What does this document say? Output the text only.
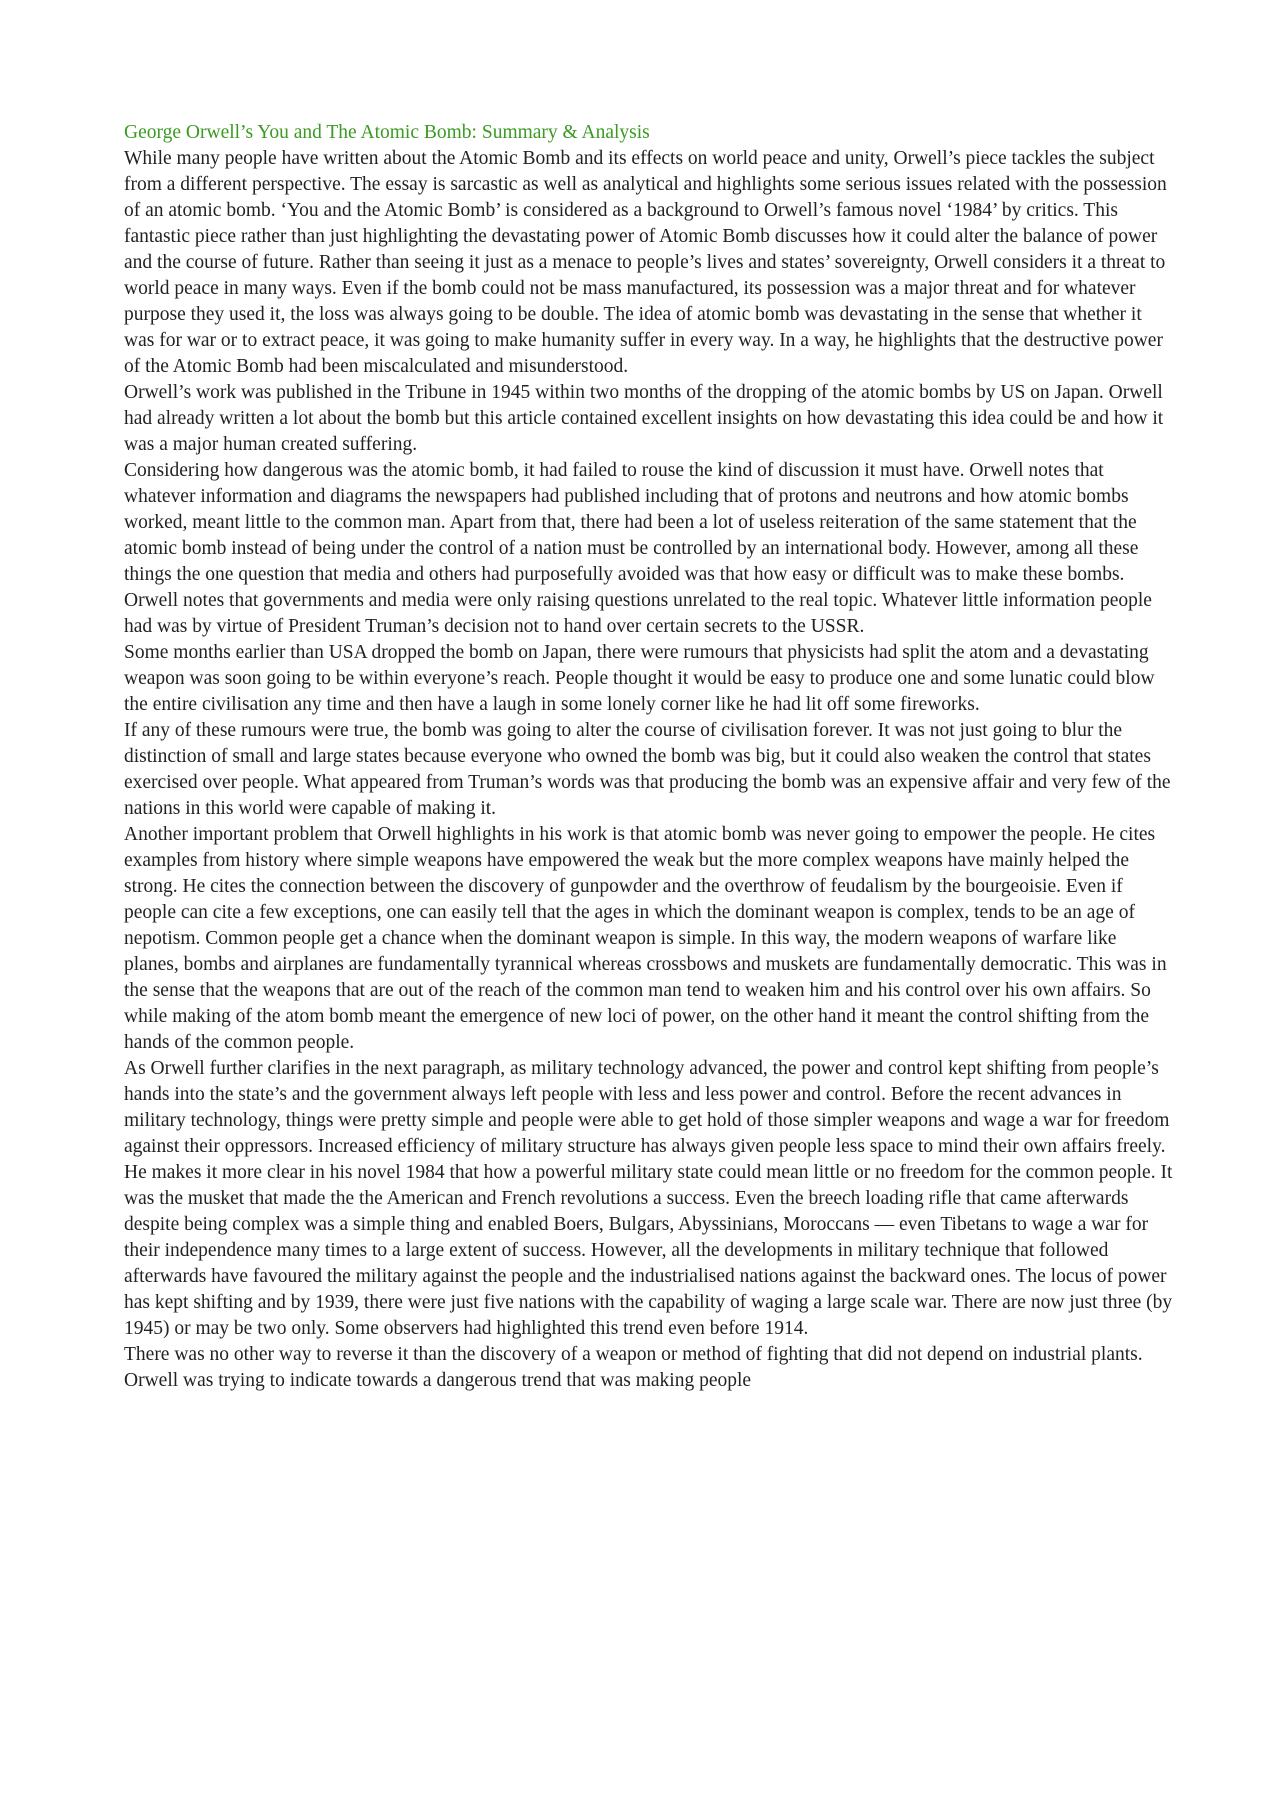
George Orwell’s You and The Atomic Bomb: Summary & Analysis

While many people have written about the Atomic Bomb and its effects on world peace and unity, Orwell’s piece tackles the subject from a different perspective. The essay is sarcastic as well as analytical and highlights some serious issues related with the possession of an atomic bomb. ‘You and the Atomic Bomb’ is considered as a background to Orwell’s famous novel ‘1984’ by critics. This fantastic piece rather than just highlighting the devastating power of Atomic Bomb discusses how it could alter the balance of power and the course of future. Rather than seeing it just as a menace to people’s lives and states’ sovereignty, Orwell considers it a threat to world peace in many ways. Even if the bomb could not be mass manufactured, its possession was a major threat and for whatever purpose they used it, the loss was always going to be double. The idea of atomic bomb was devastating in the sense that whether it was for war or to extract peace, it was going to make humanity suffer in every way. In a way, he highlights that the destructive power of the Atomic Bomb had been miscalculated and misunderstood.

Orwell’s work was published in the Tribune in 1945 within two months of the dropping of the atomic bombs by US on Japan. Orwell had already written a lot about the bomb but this article contained excellent insights on how devastating this idea could be and how it was a major human created suffering.

Considering how dangerous was the atomic bomb, it had failed to rouse the kind of discussion it must have. Orwell notes that whatever information and diagrams the newspapers had published including that of protons and neutrons and how atomic bombs worked, meant little to the common man. Apart from that, there had been a lot of useless reiteration of the same statement that the atomic bomb instead of being under the control of a nation must be controlled by an international body. However, among all these things the one question that media and others had purposefully avoided was that how easy or difficult was to make these bombs. Orwell notes that governments and media were only raising questions unrelated to the real topic. Whatever little information people had was by virtue of President Truman’s decision not to hand over certain secrets to the USSR.

Some months earlier than USA dropped the bomb on Japan, there were rumours that physicists had split the atom and a devastating weapon was soon going to be within everyone’s reach. People thought it would be easy to produce one and some lunatic could blow the entire civilisation any time and then have a laugh in some lonely corner like he had lit off some fireworks.

If any of these rumours were true, the bomb was going to alter the course of civilisation forever. It was not just going to blur the distinction of small and large states because everyone who owned the bomb was big, but it could also weaken the control that states exercised over people. What appeared from Truman’s words was that producing the bomb was an expensive affair and very few of the nations in this world were capable of making it.

Another important problem that Orwell highlights in his work is that atomic bomb was never going to empower the people. He cites examples from history where simple weapons have empowered the weak but the more complex weapons have mainly helped the strong. He cites the connection between the discovery of gunpowder and the overthrow of feudalism by the bourgeoisie. Even if people can cite a few exceptions, one can easily tell that the ages in which the dominant weapon is complex, tends to be an age of nepotism. Common people get a chance when the dominant weapon is simple. In this way, the modern weapons of warfare like planes, bombs and airplanes are fundamentally tyrannical whereas crossbows and muskets are fundamentally democratic. This was in the sense that the weapons that are out of the reach of the common man tend to weaken him and his control over his own affairs. So while making of the atom bomb meant the emergence of new loci of power, on the other hand it meant the control shifting from the hands of the common people.

As Orwell further clarifies in the next paragraph, as military technology advanced, the power and control kept shifting from people’s hands into the state’s and the government always left people with less and less power and control. Before the recent advances in military technology, things were pretty simple and people were able to get hold of those simpler weapons and wage a war for freedom against their oppressors. Increased efficiency of military structure has always given people less space to mind their own affairs freely. He makes it more clear in his novel 1984 that how a powerful military state could mean little or no freedom for the common people. It was the musket that made the the American and French revolutions a success. Even the breech loading rifle that came afterwards despite being complex was a simple thing and enabled Boers, Bulgars, Abyssinians, Moroccans — even Tibetans to wage a war for their independence many times to a large extent of success. However, all the developments in military technique that followed afterwards have favoured the military against the people and the industrialised nations against the backward ones. The locus of power has kept shifting and by 1939, there were just five nations with the capability of waging a large scale war. There are now just three (by 1945) or may be two only. Some observers had highlighted this trend even before 1914.

There was no other way to reverse it than the discovery of a weapon or method of fighting that did not depend on industrial plants. Orwell was trying to indicate towards a dangerous trend that was making people
